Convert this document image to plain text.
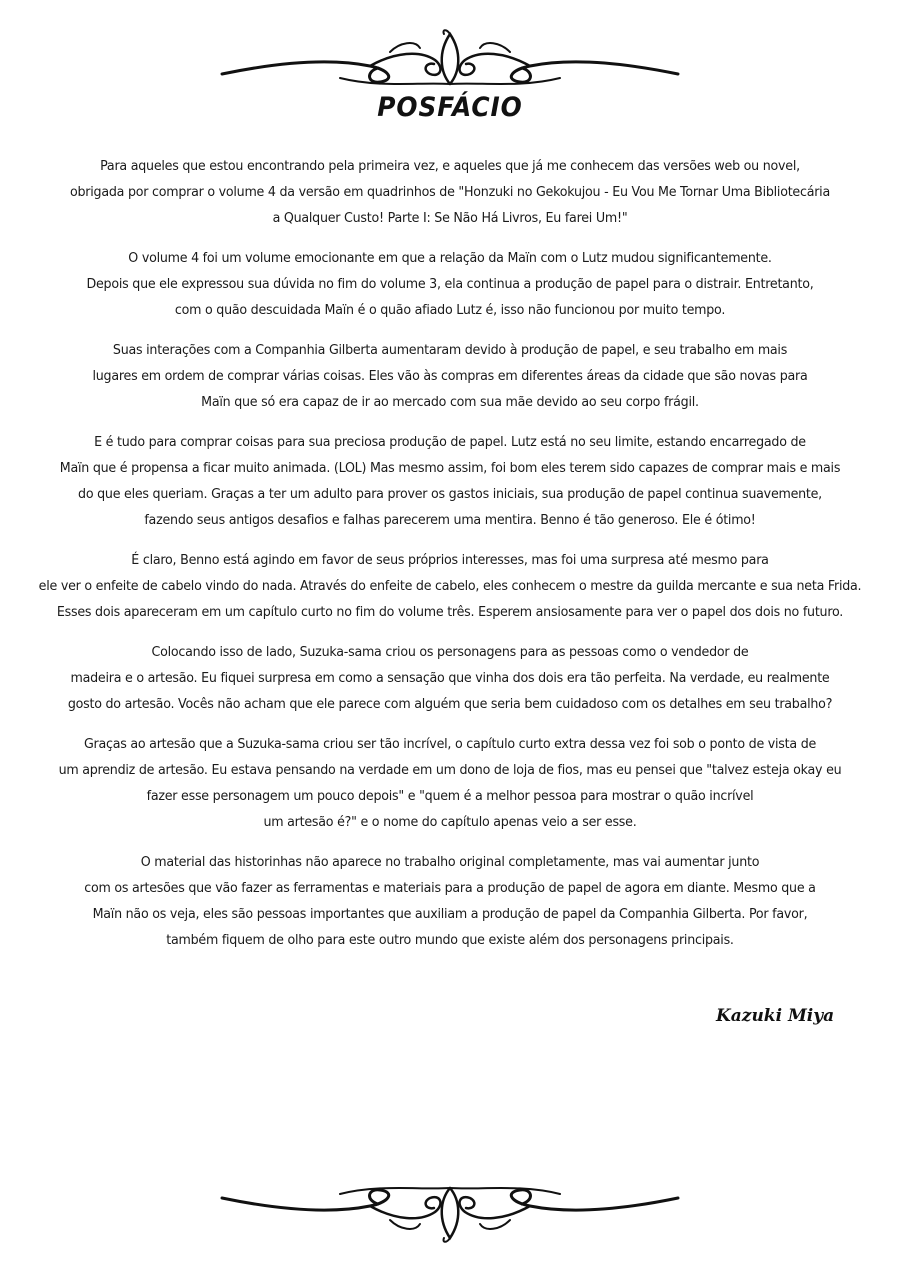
POSFÁCIO
Para aqueles que estou encontrando pela primeira vez, e aqueles que já me conhecem das versões web ou novel,
obrigada por comprar o volume 4 da versão em quadrinhos de "Honzuki no Gekokujou - Eu Vou Me Tornar Uma Bibliotecária
a Qualquer Custo! Parte I: Se Não Há Livros, Eu farei Um!"
O volume 4 foi um volume emocionante em que a relação da Maïn com o Lutz mudou significantemente.
Depois que ele expressou sua dúvida no fim do volume 3, ela continua a produção de papel para o distrair. Entretanto,
com o quão descuidada Maïn é o quão afiado Lutz é, isso não funcionou por muito tempo.
Suas interações com a Companhia Gilberta aumentaram devido à produção de papel, e seu trabalho em mais
lugares em ordem de comprar várias coisas. Eles vão às compras em diferentes áreas da cidade que são novas para
Maïn que só era capaz de ir ao mercado com sua mãe devido ao seu corpo frágil.
E é tudo para comprar coisas para sua preciosa produção de papel. Lutz está no seu limite, estando encarregado de
Maïn que é propensa a ficar muito animada. (LOL) Mas mesmo assim, foi bom eles terem sido capazes de comprar mais e mais
do que eles queriam. Graças a ter um adulto para prover os gastos iniciais, sua produção de papel continua suavemente,
fazendo seus antigos desafios e falhas parecerem uma mentira. Benno é tão generoso. Ele é ótimo!
É claro, Benno está agindo em favor de seus próprios interesses, mas foi uma surpresa até mesmo para
ele ver o enfeite de cabelo vindo do nada. Através do enfeite de cabelo, eles conhecem o mestre da guilda mercante e sua neta Frida.
Esses dois apareceram em um capítulo curto no fim do volume três. Esperem ansiosamente para ver o papel dos dois no futuro.
Colocando isso de lado, Suzuka-sama criou os personagens para as pessoas como o vendedor de
madeira e o artesão. Eu fiquei surpresa em como a sensação que vinha dos dois era tão perfeita. Na verdade, eu realmente
gosto do artesão. Vocês não acham que ele parece com alguém que seria bem cuidadoso com os detalhes em seu trabalho?
Graças ao artesão que a Suzuka-sama criou ser tão incrível, o capítulo curto extra dessa vez foi sob o ponto de vista de
um aprendiz de artesão. Eu estava pensando na verdade em um dono de loja de fios, mas eu pensei que "talvez esteja okay eu
fazer esse personagem um pouco depois" e "quem é a melhor pessoa para mostrar o quão incrível
um artesão é?" e o nome do capítulo apenas veio a ser esse.
O material das historinhas não aparece no trabalho original completamente, mas vai aumentar junto
com os artesões que vão fazer as ferramentas e materiais para a produção de papel de agora em diante. Mesmo que a
Maïn não os veja, eles são pessoas importantes que auxiliam a produção de papel da Companhia Gilberta. Por favor,
também fiquem de olho para este outro mundo que existe além dos personagens principais.
Kazuki Miya
